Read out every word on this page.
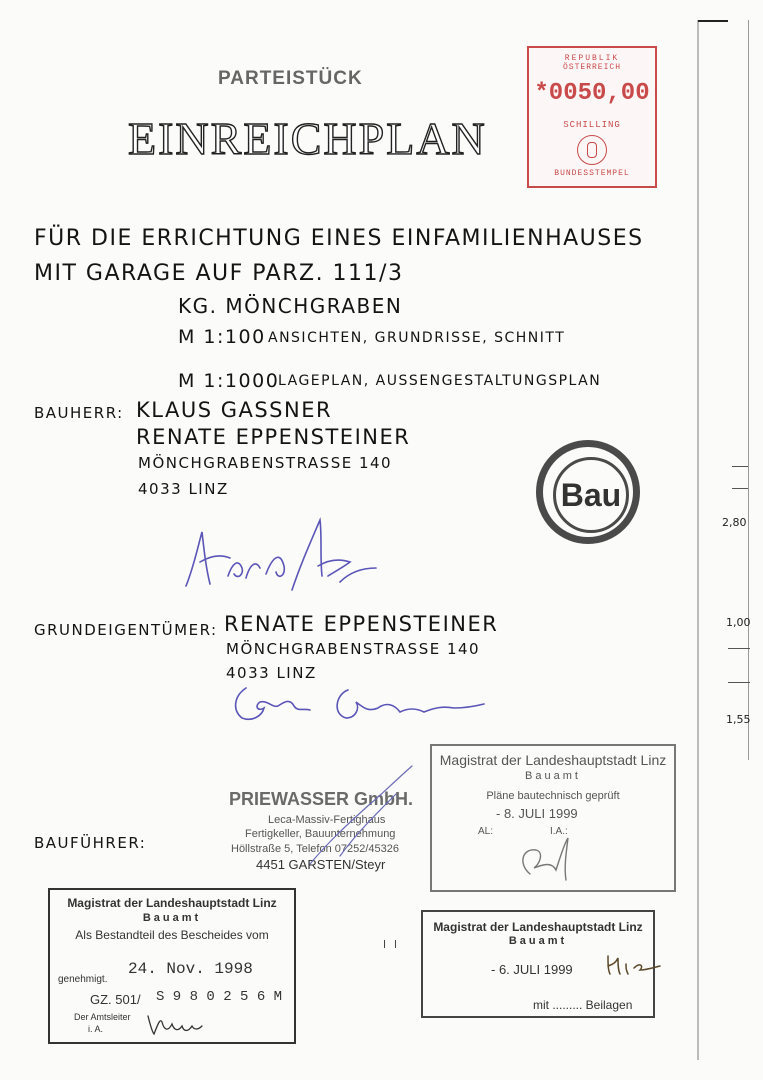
2,80
1,00
1,55
REPUBLIK
ÖSTERREICH
*0050,00
SCHILLING
BUNDESSTEMPEL
PARTEISTÜCK
EINREICHPLAN
FÜR DIE ERRICHTUNG EINES EINFAMILIENHAUSES
MIT GARAGE AUF PARZ. 111/3
KG. MÖNCHGRABEN
M 1:100 ANSICHTEN, GRUNDRISSE, SCHNITT
M 1:1000
LAGEPLAN, AUSSENGESTALTUNGSPLAN
BAUHERR: KLAUS GASSNER
RENATE EPPENSTEINER
MÖNCHGRABENSTRASSE 140
4033 LINZ	Bau
GRUNDEIGENTÜMER: RENATE EPPENSTEINER
MÖNCHGRABENSTRASSE 140
4033 LINZ
Magistrat der Landeshauptstadt Linz
Bauamt
Pläne bautechnisch geprüft
- 8. JULI 1999
AL:	I.A.:
PRIEWASSER GmbH.
Leca-Massiv-Fertighaus
Fertigkeller, Bauunternehmung
Höllstraße 5, Telefon 07252/45326
4451 GARSTEN/Steyr
BAUFÜHRER:
Magistrat der Landeshauptstadt Linz
Bauamt
Als Bestandteil des Bescheides vom
genehmigt.
24. Nov. 1998
GZ. 501/ S 9 8 0 2 5 6 M
Der Amtsleiter
i. A.
Magistrat der Landeshauptstadt Linz
Bauamt
- 6. JULI 1999
mit ......... Beilagen
